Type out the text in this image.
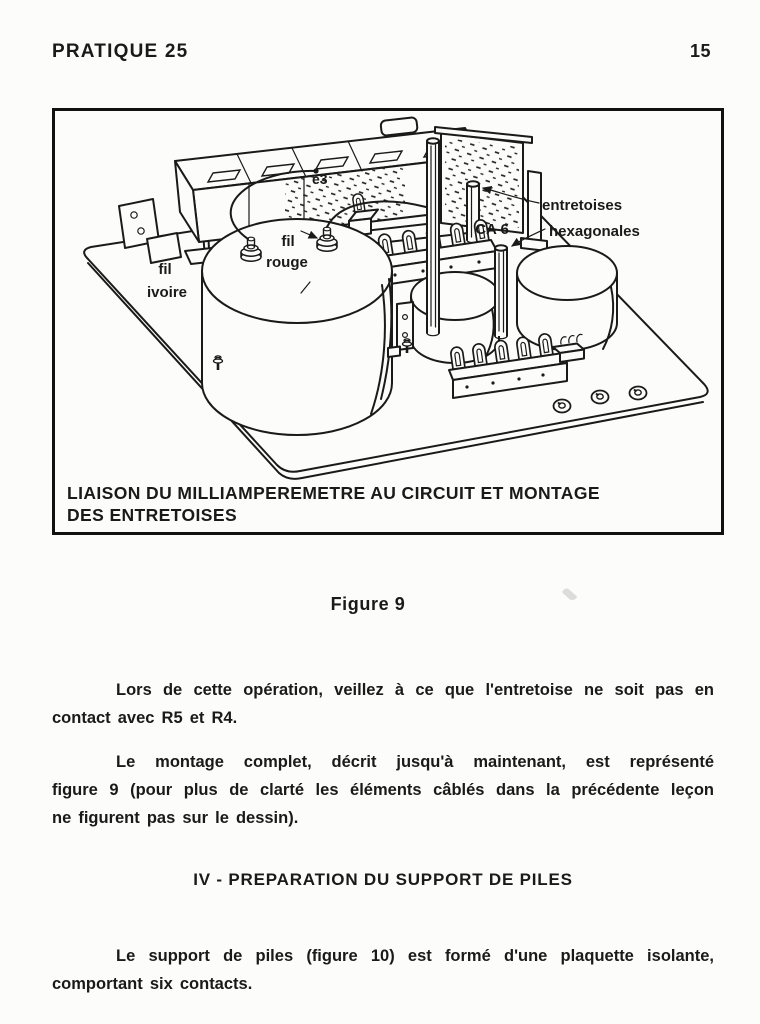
PRATIQUE 25	15
e3
fil
rouge
fil
ivoire
CA 6
entretoises
hexagonales
LIAISON DU MILLIAMPEREMETRE AU CIRCUIT ET MONTAGE
DES ENTRETOISES
Figure 9
Lors de cette opération, veillez à ce que l'entretoise ne soit pas en
contact avec R5 et R4.
Le montage complet, décrit jusqu'à maintenant, est représenté
figure 9 (pour plus de clarté les éléments câblés dans la précédente leçon
ne figurent pas sur le dessin).
IV - PREPARATION DU SUPPORT DE PILES
Le support de piles (figure 10) est formé d'une plaquette isolante,
comportant six contacts.
